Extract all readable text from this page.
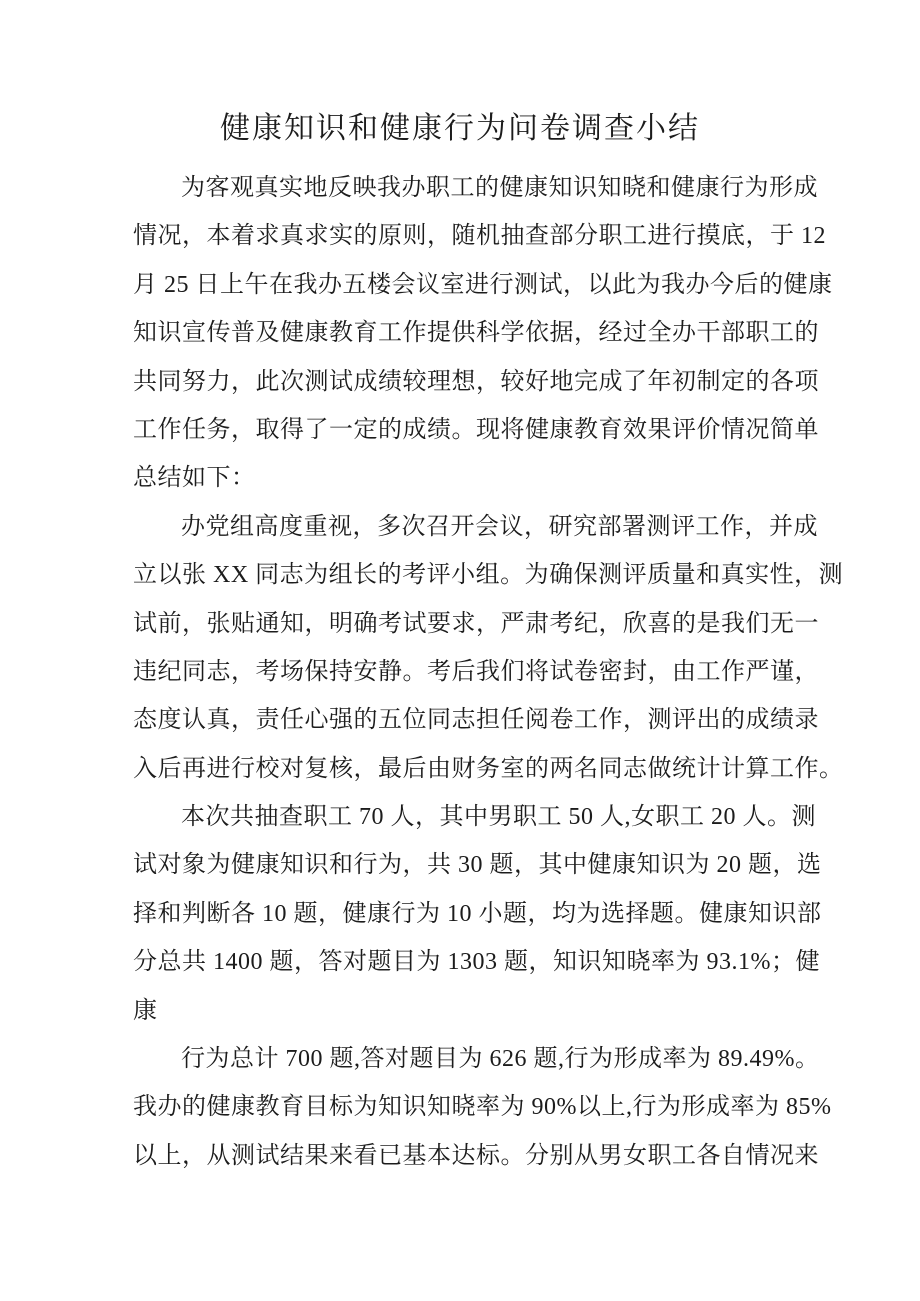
健康知识和健康行为问卷调查小结
为客观真实地反映我办职工的健康知识知晓和健康行为形成
情况，本着求真求实的原则，随机抽查部分职工进行摸底，于 12
月 25 日上午在我办五楼会议室进行测试，以此为我办今后的健康
知识宣传普及健康教育工作提供科学依据，经过全办干部职工的
共同努力，此次测试成绩较理想，较好地完成了年初制定的各项
工作任务，取得了一定的成绩。现将健康教育效果评价情况简单
总结如下：
办党组高度重视，多次召开会议，研究部署测评工作，并成
立以张 XX 同志为组长的考评小组。为确保测评质量和真实性，测
试前，张贴通知，明确考试要求，严肃考纪，欣喜的是我们无一
违纪同志，考场保持安静。考后我们将试卷密封，由工作严谨，
态度认真，责任心强的五位同志担任阅卷工作，测评出的成绩录
入后再进行校对复核，最后由财务室的两名同志做统计计算工作。
本次共抽查职工 70 人，其中男职工 50 人,女职工 20 人。测
试对象为健康知识和行为，共 30 题，其中健康知识为 20 题，选
择和判断各 10 题，健康行为 10 小题，均为选择题。健康知识部
分总共 1400 题，答对题目为 1303 题，知识知晓率为 93.1%；健
康
行为总计 700 题,答对题目为 626 题,行为形成率为 89.49%。
我办的健康教育目标为知识知晓率为 90%以上,行为形成率为 85%
以上，从测试结果来看已基本达标。分别从男女职工各自情况来
